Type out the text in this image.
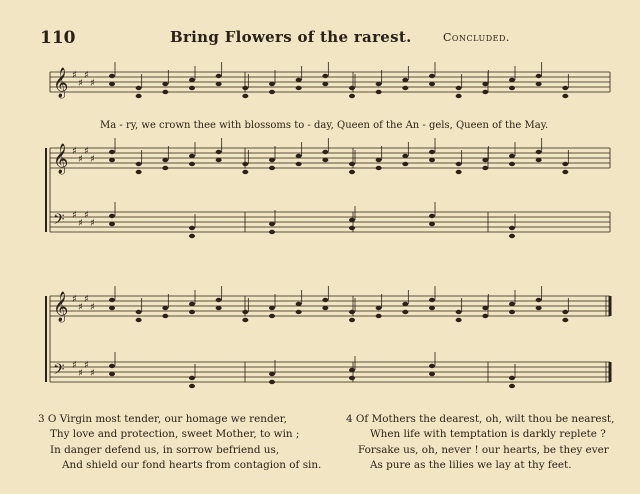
110	Bring Flowers of the rarest.	Concluded.
𝄞 ♯
♯
♯
♯
𝄞 ♯
♯
♯
♯
𝄢 ♯
♯
♯
♯
𝄞 ♯
♯
♯
♯
𝄢 ♯
♯
♯
♯
Ma - ry, we crown thee with blossoms to - day, Queen of the An - gels, Queen of the May.
3 O Virgin most tender, our homage we render,
Thy love and protection, sweet Mother, to win ;
In danger defend us, in sorrow befriend us,
And shield our fond hearts from contagion of sin.
4 Of Mothers the dearest, oh, wilt thou be nearest,
When life with temptation is darkly replete ?
Forsake us, oh, never ! our hearts, be they ever
As pure as the lilies we lay at thy feet.
